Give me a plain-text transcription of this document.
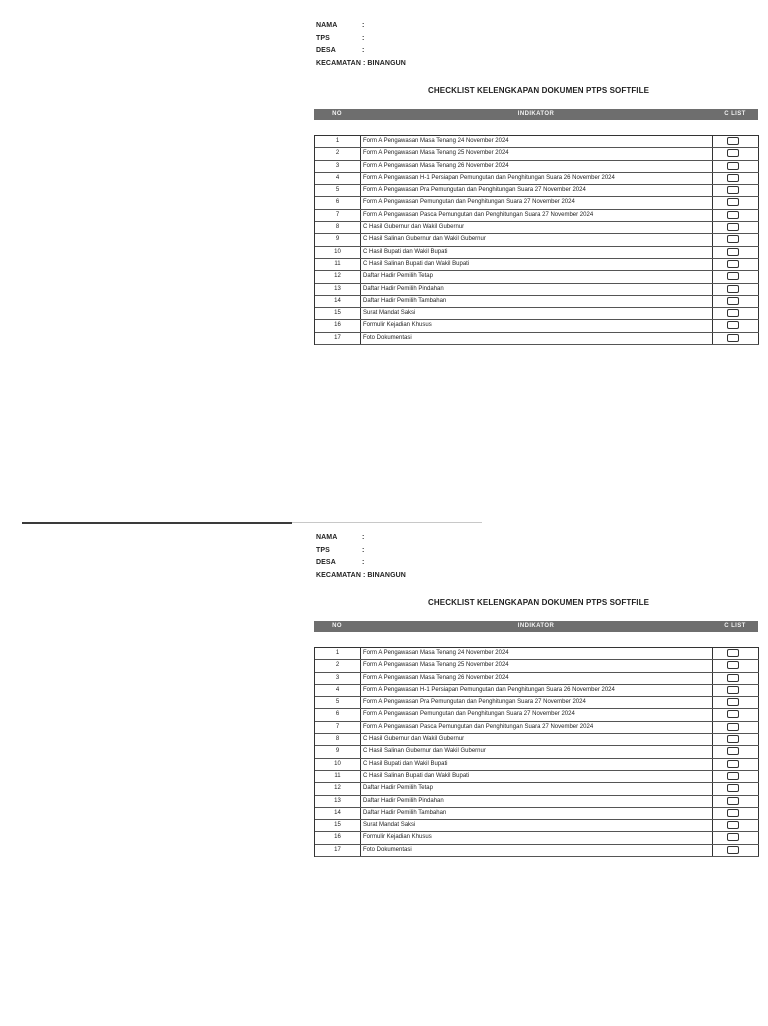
NAMA	:
TPS	:
DESA	:
KECAMATAN : BINANGUN
CHECKLIST KELENGKAPAN DOKUMEN PTPS SOFTFILE
NO	INDIKATOR	C LIST
1	Form A Pengawasan Masa Tenang 24 November 2024
2	Form A Pengawasan Masa Tenang 25 November 2024
3	Form A Pengawasan Masa Tenang 26 November 2024
4	Form A Pengawasan H-1 Persiapan Pemungutan dan Penghitungan Suara 26 November 2024
5	Form A Pengawasan Pra Pemungutan dan Penghitungan Suara 27 November 2024
6	Form A Pengawasan Pemungutan dan Penghitungan Suara 27 November 2024
7	Form A Pengawasan Pasca Pemungutan dan Penghitungan Suara 27 November 2024
8	C Hasil Gubernur dan Wakil Gubernur
9	C Hasil Salinan Gubernur dan Wakil Gubernur
10	C Hasil Bupati dan Wakil Bupati
11	C Hasil Salinan Bupati dan Wakil Bupati
12	Daftar Hadir Pemilih Tetap
13	Daftar Hadir Pemilih Pindahan
14	Daftar Hadir Pemilih Tambahan
15	Surat Mandat Saksi
16	Formulir Kejadian Khusus
17	Foto Dokumentasi
NAMA	:
TPS	:
DESA	:
KECAMATAN : BINANGUN
CHECKLIST KELENGKAPAN DOKUMEN PTPS SOFTFILE
NO	INDIKATOR	C LIST
1	Form A Pengawasan Masa Tenang 24 November 2024
2	Form A Pengawasan Masa Tenang 25 November 2024
3	Form A Pengawasan Masa Tenang 26 November 2024
4	Form A Pengawasan H-1 Persiapan Pemungutan dan Penghitungan Suara 26 November 2024
5	Form A Pengawasan Pra Pemungutan dan Penghitungan Suara 27 November 2024
6	Form A Pengawasan Pemungutan dan Penghitungan Suara 27 November 2024
7	Form A Pengawasan Pasca Pemungutan dan Penghitungan Suara 27 November 2024
8	C Hasil Gubernur dan Wakil Gubernur
9	C Hasil Salinan Gubernur dan Wakil Gubernur
10	C Hasil Bupati dan Wakil Bupati
11	C Hasil Salinan Bupati dan Wakil Bupati
12	Daftar Hadir Pemilih Tetap
13	Daftar Hadir Pemilih Pindahan
14	Daftar Hadir Pemilih Tambahan
15	Surat Mandat Saksi
16	Formulir Kejadian Khusus
17	Foto Dokumentasi
